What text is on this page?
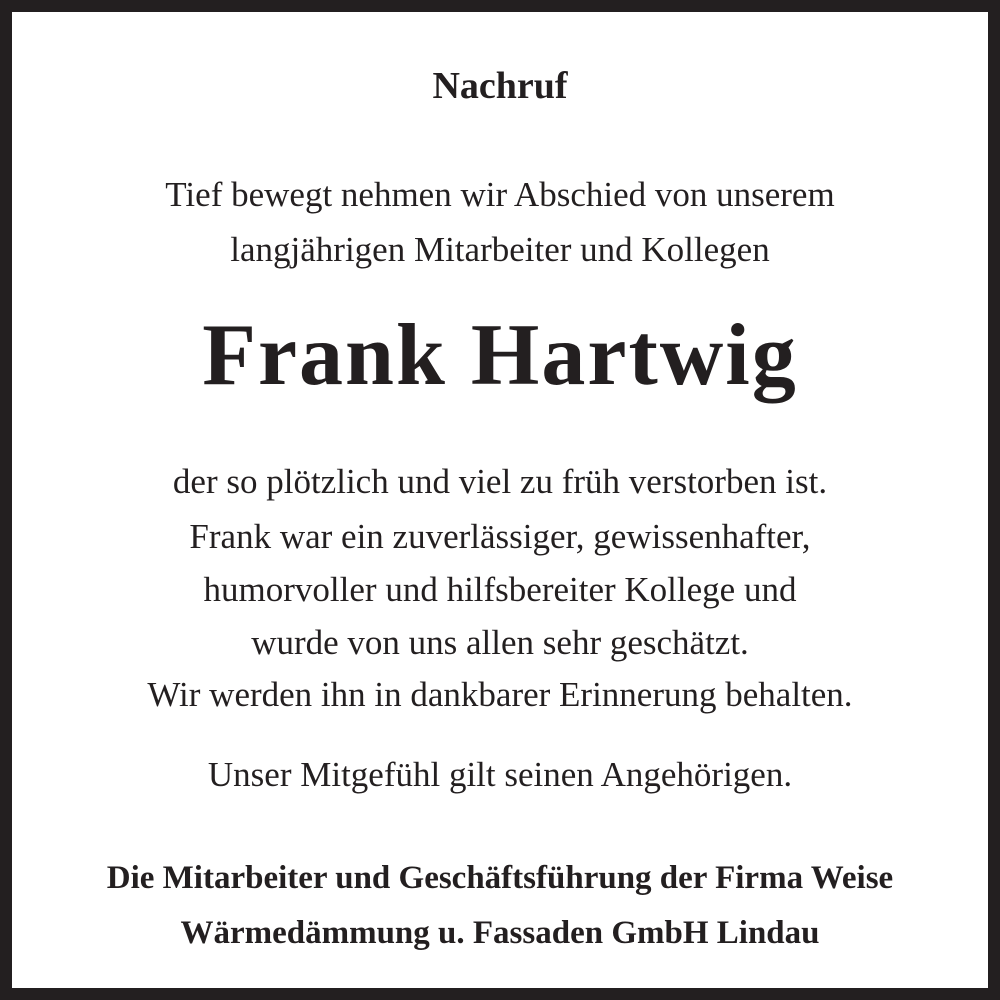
Nachruf
Tief bewegt nehmen wir Abschied von unserem
langjährigen Mitarbeiter und Kollegen
Frank Hartwig
der so plötzlich und viel zu früh verstorben ist.
Frank war ein zuverlässiger, gewissenhafter,
humorvoller und hilfsbereiter Kollege und
wurde von uns allen sehr geschätzt.
Wir werden ihn in dankbarer Erinnerung behalten.
Unser Mitgefühl gilt seinen Angehörigen.
Die Mitarbeiter und Geschäftsführung der Firma Weise
Wärmedämmung u. Fassaden GmbH Lindau
